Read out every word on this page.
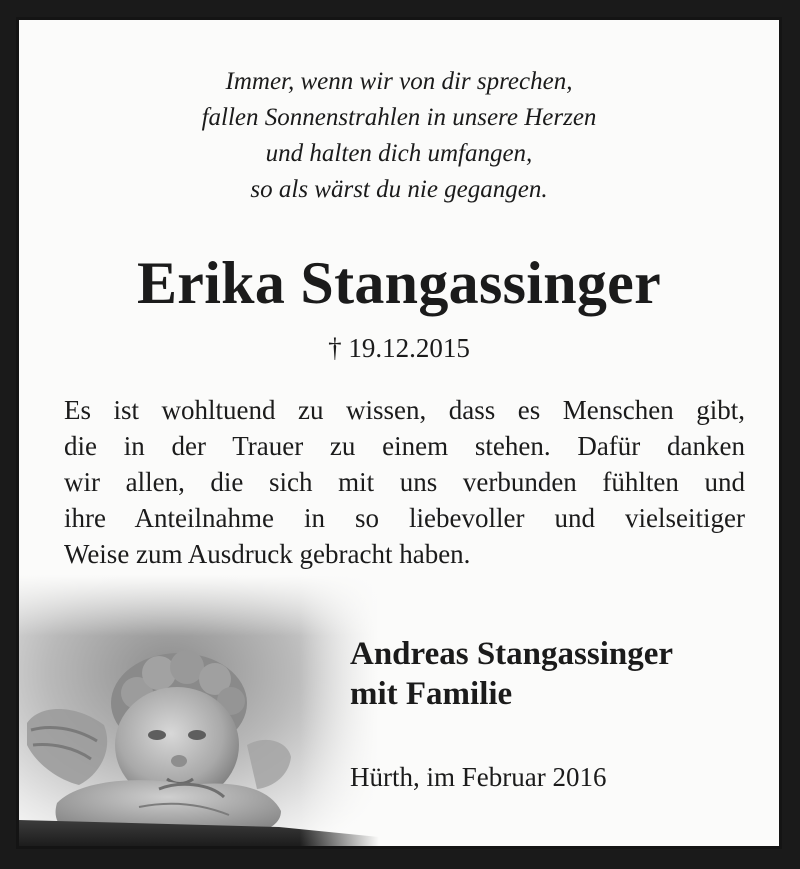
Immer, wenn wir von dir sprechen,
fallen Sonnenstrahlen in unsere Herzen
und halten dich umfangen,
so als wärst du nie gegangen.
Erika Stangassinger
† 19.12.2015
Es ist wohltuend zu wissen, dass es Menschen gibt,
die in der Trauer zu einem stehen. Dafür danken
wir allen, die sich mit uns verbunden fühlten und
ihre Anteilnahme in so liebevoller und vielseitiger
Weise zum Ausdruck gebracht haben.
Andreas Stangassinger
mit Familie
Hürth, im Februar 2016
